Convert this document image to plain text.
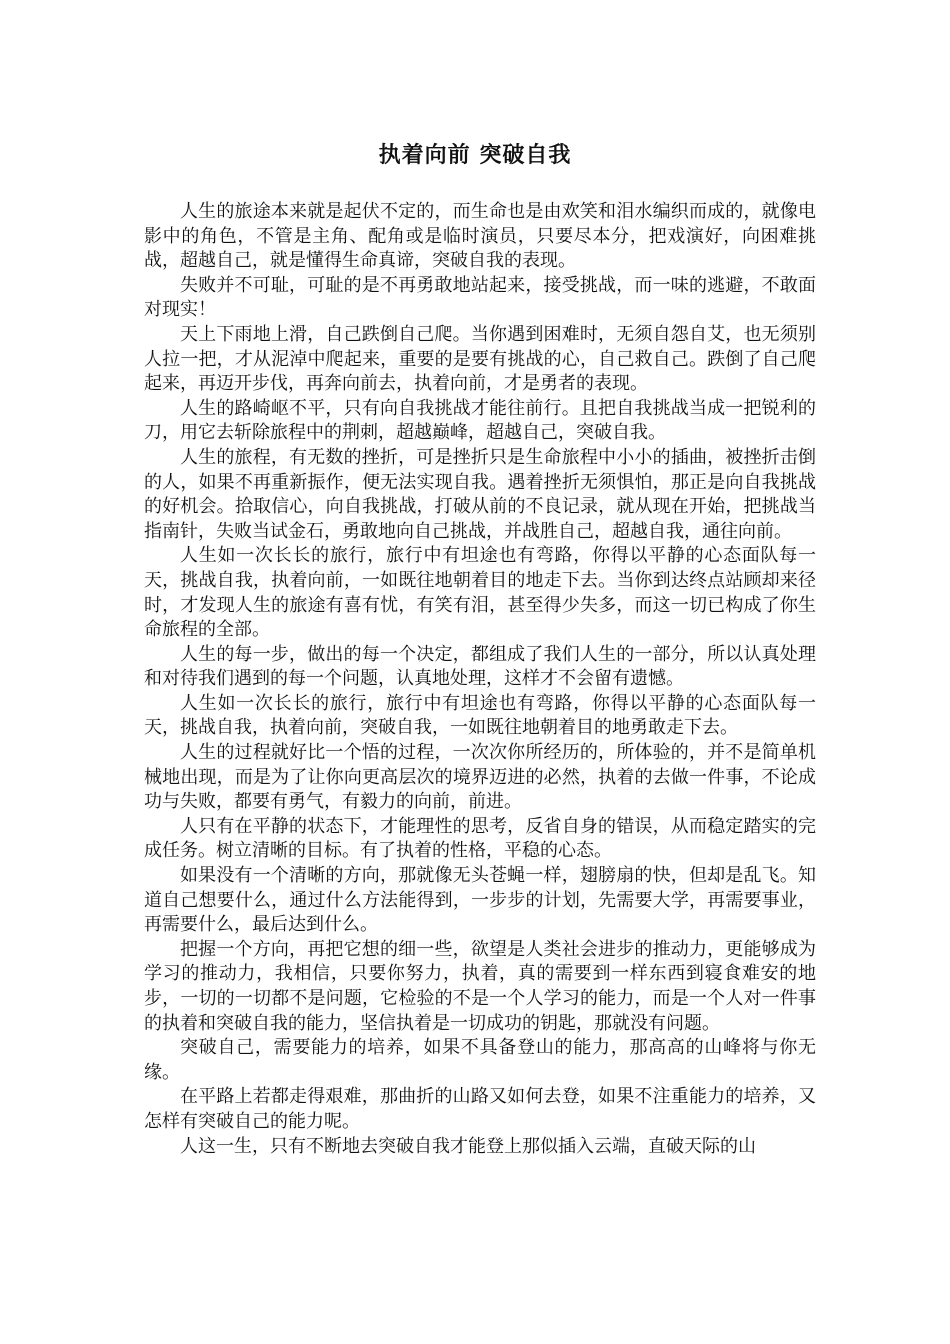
执着向前 突破自我

人生的旅途本来就是起伏不定的，而生命也是由欢笑和泪水编织而成的，就像电影中的角色，不管是主角、配角或是临时演员，只要尽本分，把戏演好，向困难挑战，超越自己，就是懂得生命真谛，突破自我的表现。

失败并不可耻，可耻的是不再勇敢地站起来，接受挑战，而一味的逃避，不敢面对现实！

天上下雨地上滑，自己跌倒自己爬。当你遇到困难时，无须自怨自艾，也无须别人拉一把，才从泥淖中爬起来，重要的是要有挑战的心，自己救自己。跌倒了自己爬起来，再迈开步伐，再奔向前去，执着向前，才是勇者的表现。

人生的路崎岖不平，只有向自我挑战才能往前行。且把自我挑战当成一把锐利的刀，用它去斩除旅程中的荆刺，超越巅峰，超越自己，突破自我。

人生的旅程，有无数的挫折，可是挫折只是生命旅程中小小的插曲，被挫折击倒的人，如果不再重新振作，便无法实现自我。遇着挫折无须惧怕，那正是向自我挑战的好机会。拾取信心，向自我挑战，打破从前的不良记录，就从现在开始，把挑战当指南针，失败当试金石，勇敢地向自己挑战，并战胜自己，超越自我，通往向前。

人生如一次长长的旅行，旅行中有坦途也有弯路，你得以平静的心态面队每一天，挑战自我，执着向前，一如既往地朝着目的地走下去。当你到达终点站顾却来径时，才发现人生的旅途有喜有忧，有笑有泪，甚至得少失多，而这一切已构成了你生命旅程的全部。

人生的每一步，做出的每一个决定，都组成了我们人生的一部分，所以认真处理和对待我们遇到的每一个问题，认真地处理，这样才不会留有遗憾。

人生如一次长长的旅行，旅行中有坦途也有弯路，你得以平静的心态面队每一天，挑战自我，执着向前，突破自我，一如既往地朝着目的地勇敢走下去。

人生的过程就好比一个悟的过程，一次次你所经历的，所体验的，并不是简单机械地出现，而是为了让你向更高层次的境界迈进的必然，执着的去做一件事，不论成功与失败，都要有勇气，有毅力的向前，前进。

人只有在平静的状态下，才能理性的思考，反省自身的错误，从而稳定踏实的完成任务。树立清晰的目标。有了执着的性格，平稳的心态。

如果没有一个清晰的方向，那就像无头苍蝇一样，翅膀扇的快，但却是乱飞。知道自己想要什么，通过什么方法能得到，一步步的计划，先需要大学，再需要事业，再需要什么，最后达到什么。

把握一个方向，再把它想的细一些，欲望是人类社会进步的推动力，更能够成为学习的推动力，我相信，只要你努力，执着，真的需要到一样东西到寝食难安的地步，一切的一切都不是问题，它检验的不是一个人学习的能力，而是一个人对一件事的执着和突破自我的能力，坚信执着是一切成功的钥匙，那就没有问题。

突破自己，需要能力的培养，如果不具备登山的能力，那高高的山峰将与你无缘。

在平路上若都走得艰难，那曲折的山路又如何去登，如果不注重能力的培养，又怎样有突破自己的能力呢。

人这一生，只有不断地去突破自我才能登上那似插入云端，直破天际的山
